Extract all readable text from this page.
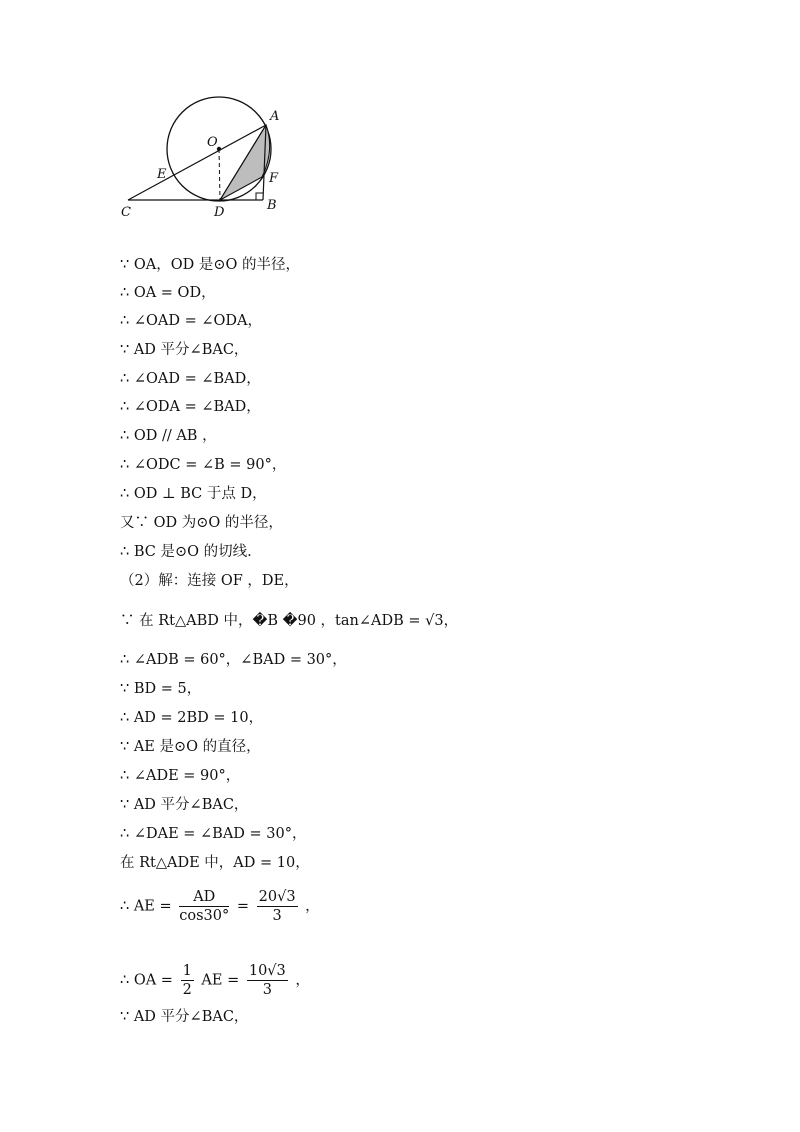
A
O
E	F
C	D	B
∵ OA，OD 是⊙O 的半径，
∴ OA = OD，
∴ ∠OAD = ∠ODA，
∵ AD 平分∠BAC，
∴ ∠OAD = ∠BAD，
∴ ∠ODA = ∠BAD，
∴ OD // AB ，
∴ ∠ODC = ∠B = 90°，
∴ OD ⊥ BC 于点 D，
又∵ OD 为⊙O 的半径，
∴ BC 是⊙O 的切线.
（2）解：连接 OF ，DE，
∵ 在 Rt△ABD 中，�B �90 ，tan∠ADB = √3，
∴ ∠ADB = 60°，∠BAD = 30°，
∵ BD = 5，
∴ AD = 2BD = 10，
∵ AE 是⊙O 的直径，
∴ ∠ADE = 90°，
∵ AD 平分∠BAC，
∴ ∠DAE = ∠BAD = 30°，
在 Rt△ADE 中，AD = 10，
∴ AE = $\frac{AD}{\cos 30^\circ} = \frac{20√3}{3}$ ，
∴ OA = $\frac{1}{2}$ AE = $\frac{10√3}{3}$ ，
∵ AD 平分∠BAC，
